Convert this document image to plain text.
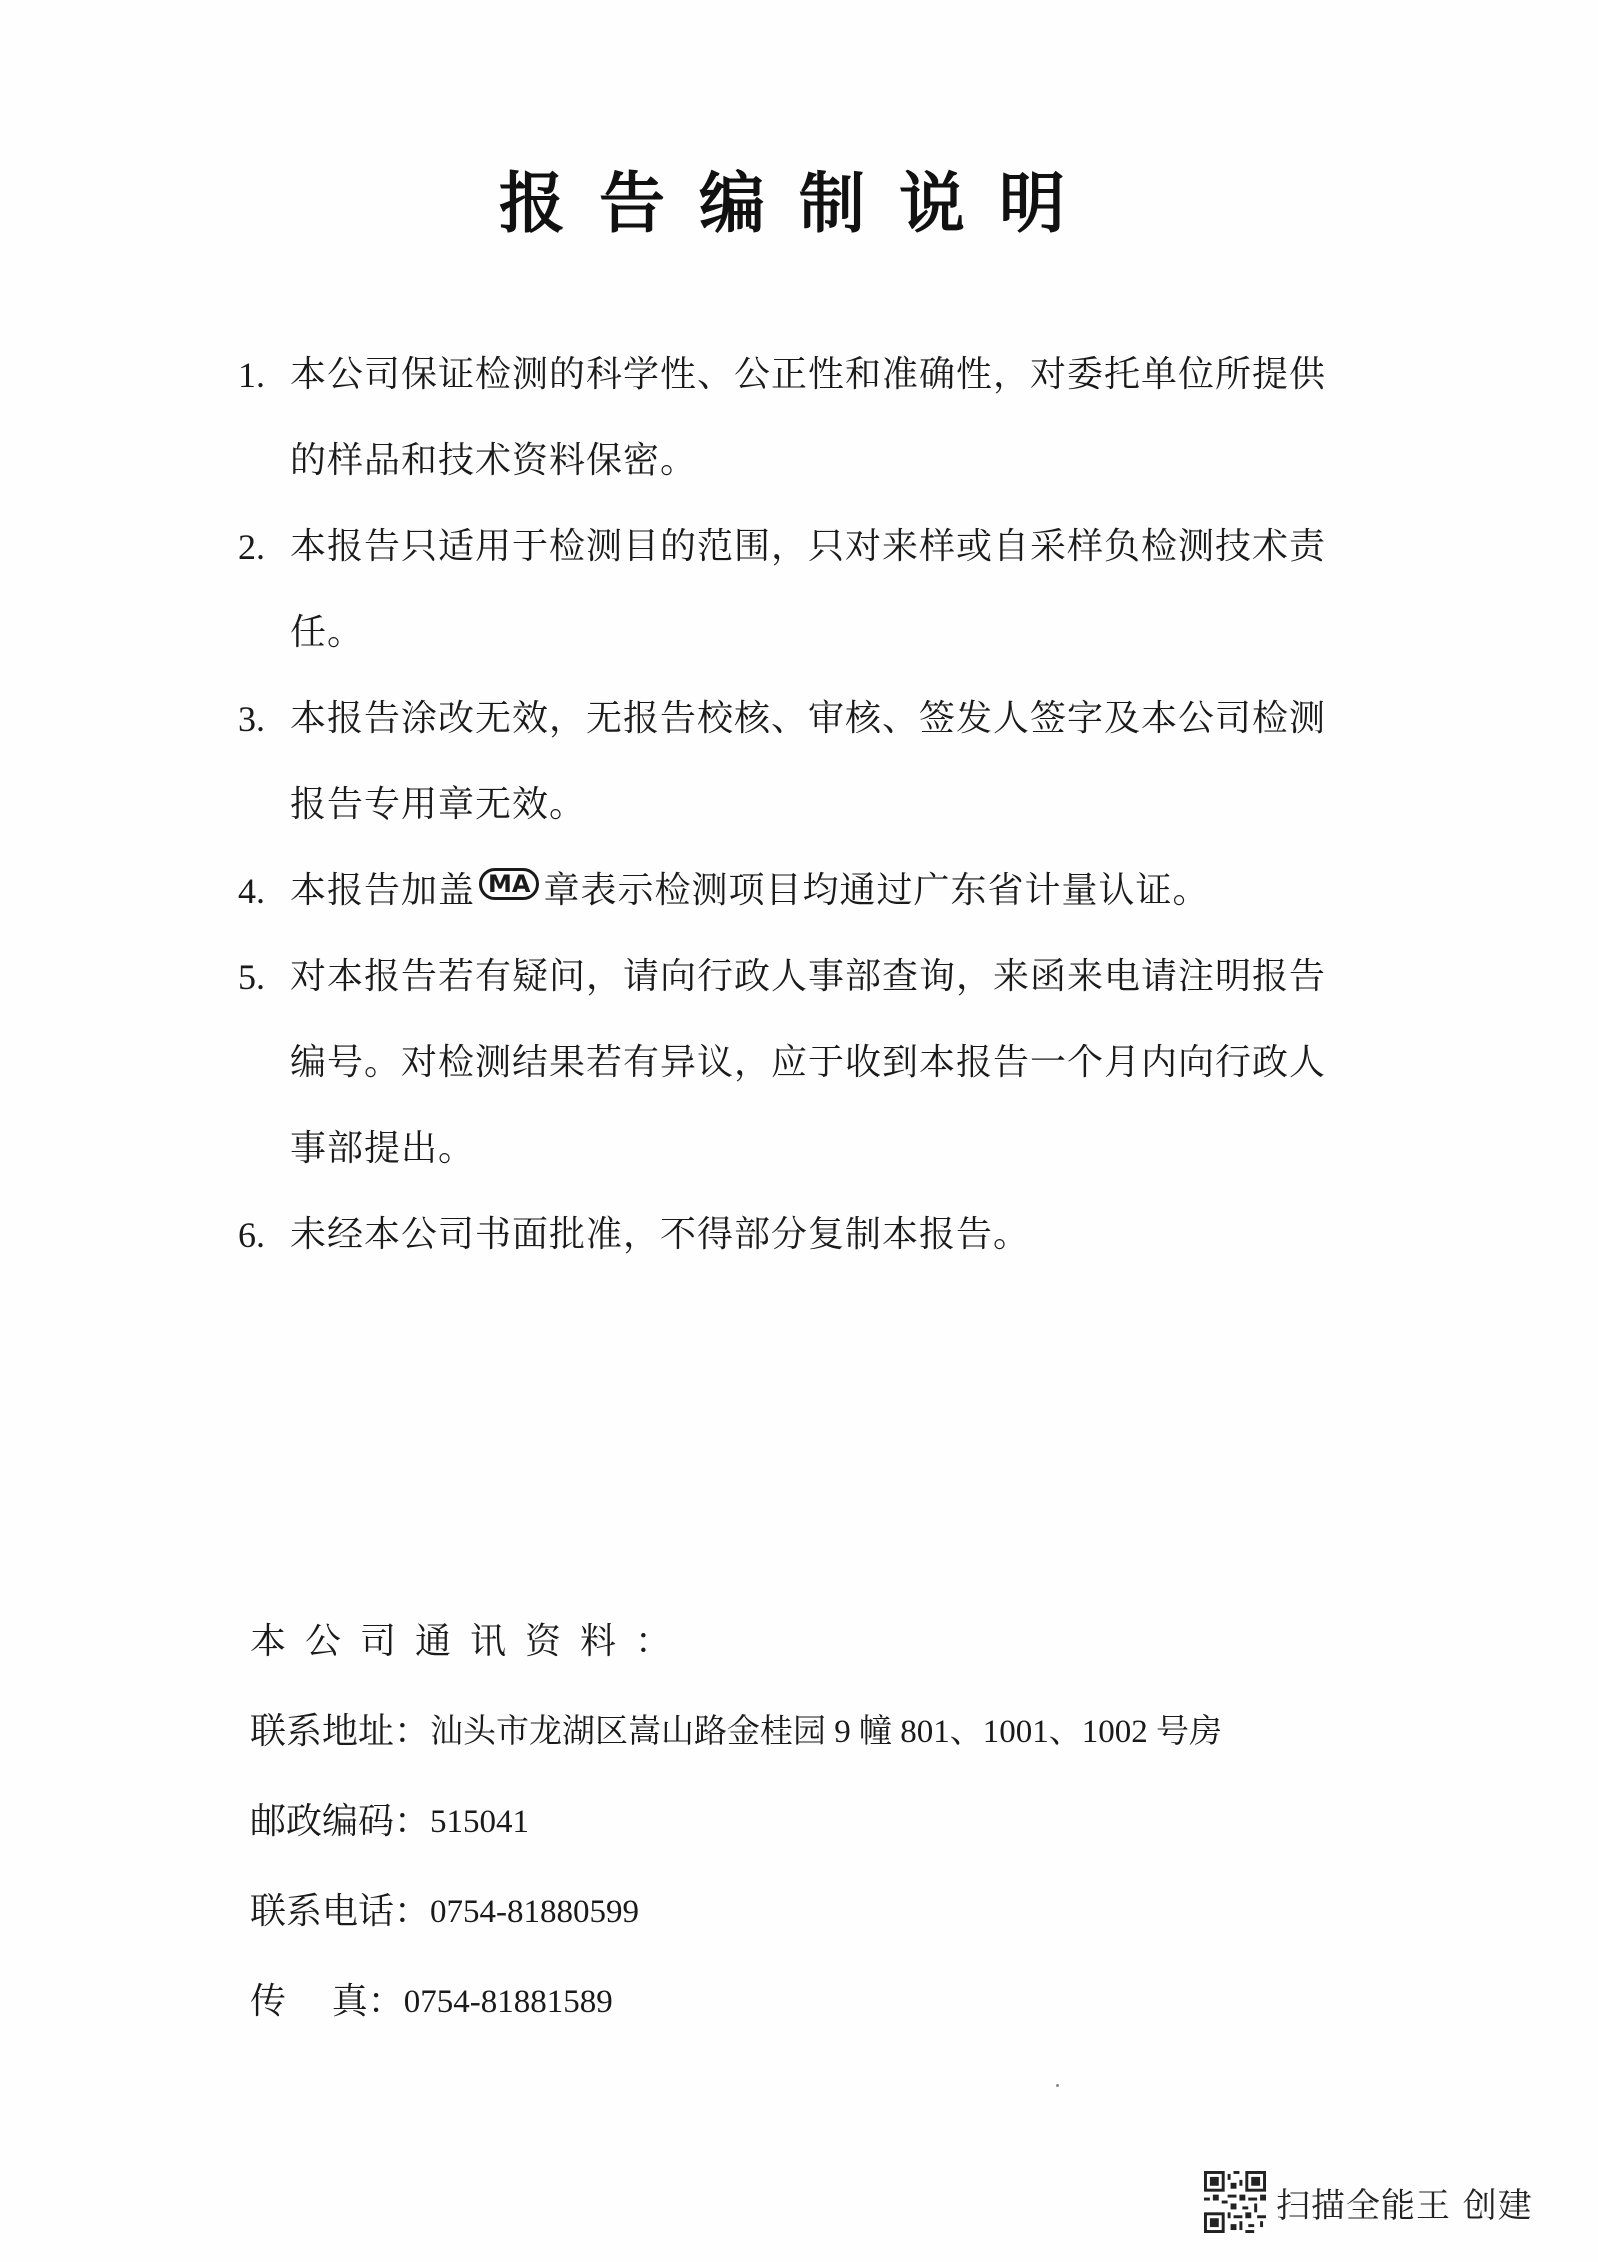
报告编制说明
1. 本公司保证检测的科学性、公正性和准确性，对委托单位所提供的样品和技术资料保密。
2. 本报告只适用于检测目的范围，只对来样或自采样负检测技术责任。
3. 本报告涂改无效，无报告校核、审核、签发人签字及本公司检测报告专用章无效。
4. 本报告加盖 MA 章表示检测项目均通过广东省计量认证。
5. 对本报告若有疑问，请向行政人事部查询，来函来电请注明报告编号。对检测结果若有异议，应于收到本报告一个月内向行政人事部提出。
6. 未经本公司书面批准，不得部分复制本报告。
本公司通讯资料：
联系地址： 汕头市龙湖区嵩山路金桂园 9 幢 801、1001、1002 号房
邮政编码： 515041
联系电话： 0754-81880599
传    真： 0754-81881589
扫描全能王 创建
